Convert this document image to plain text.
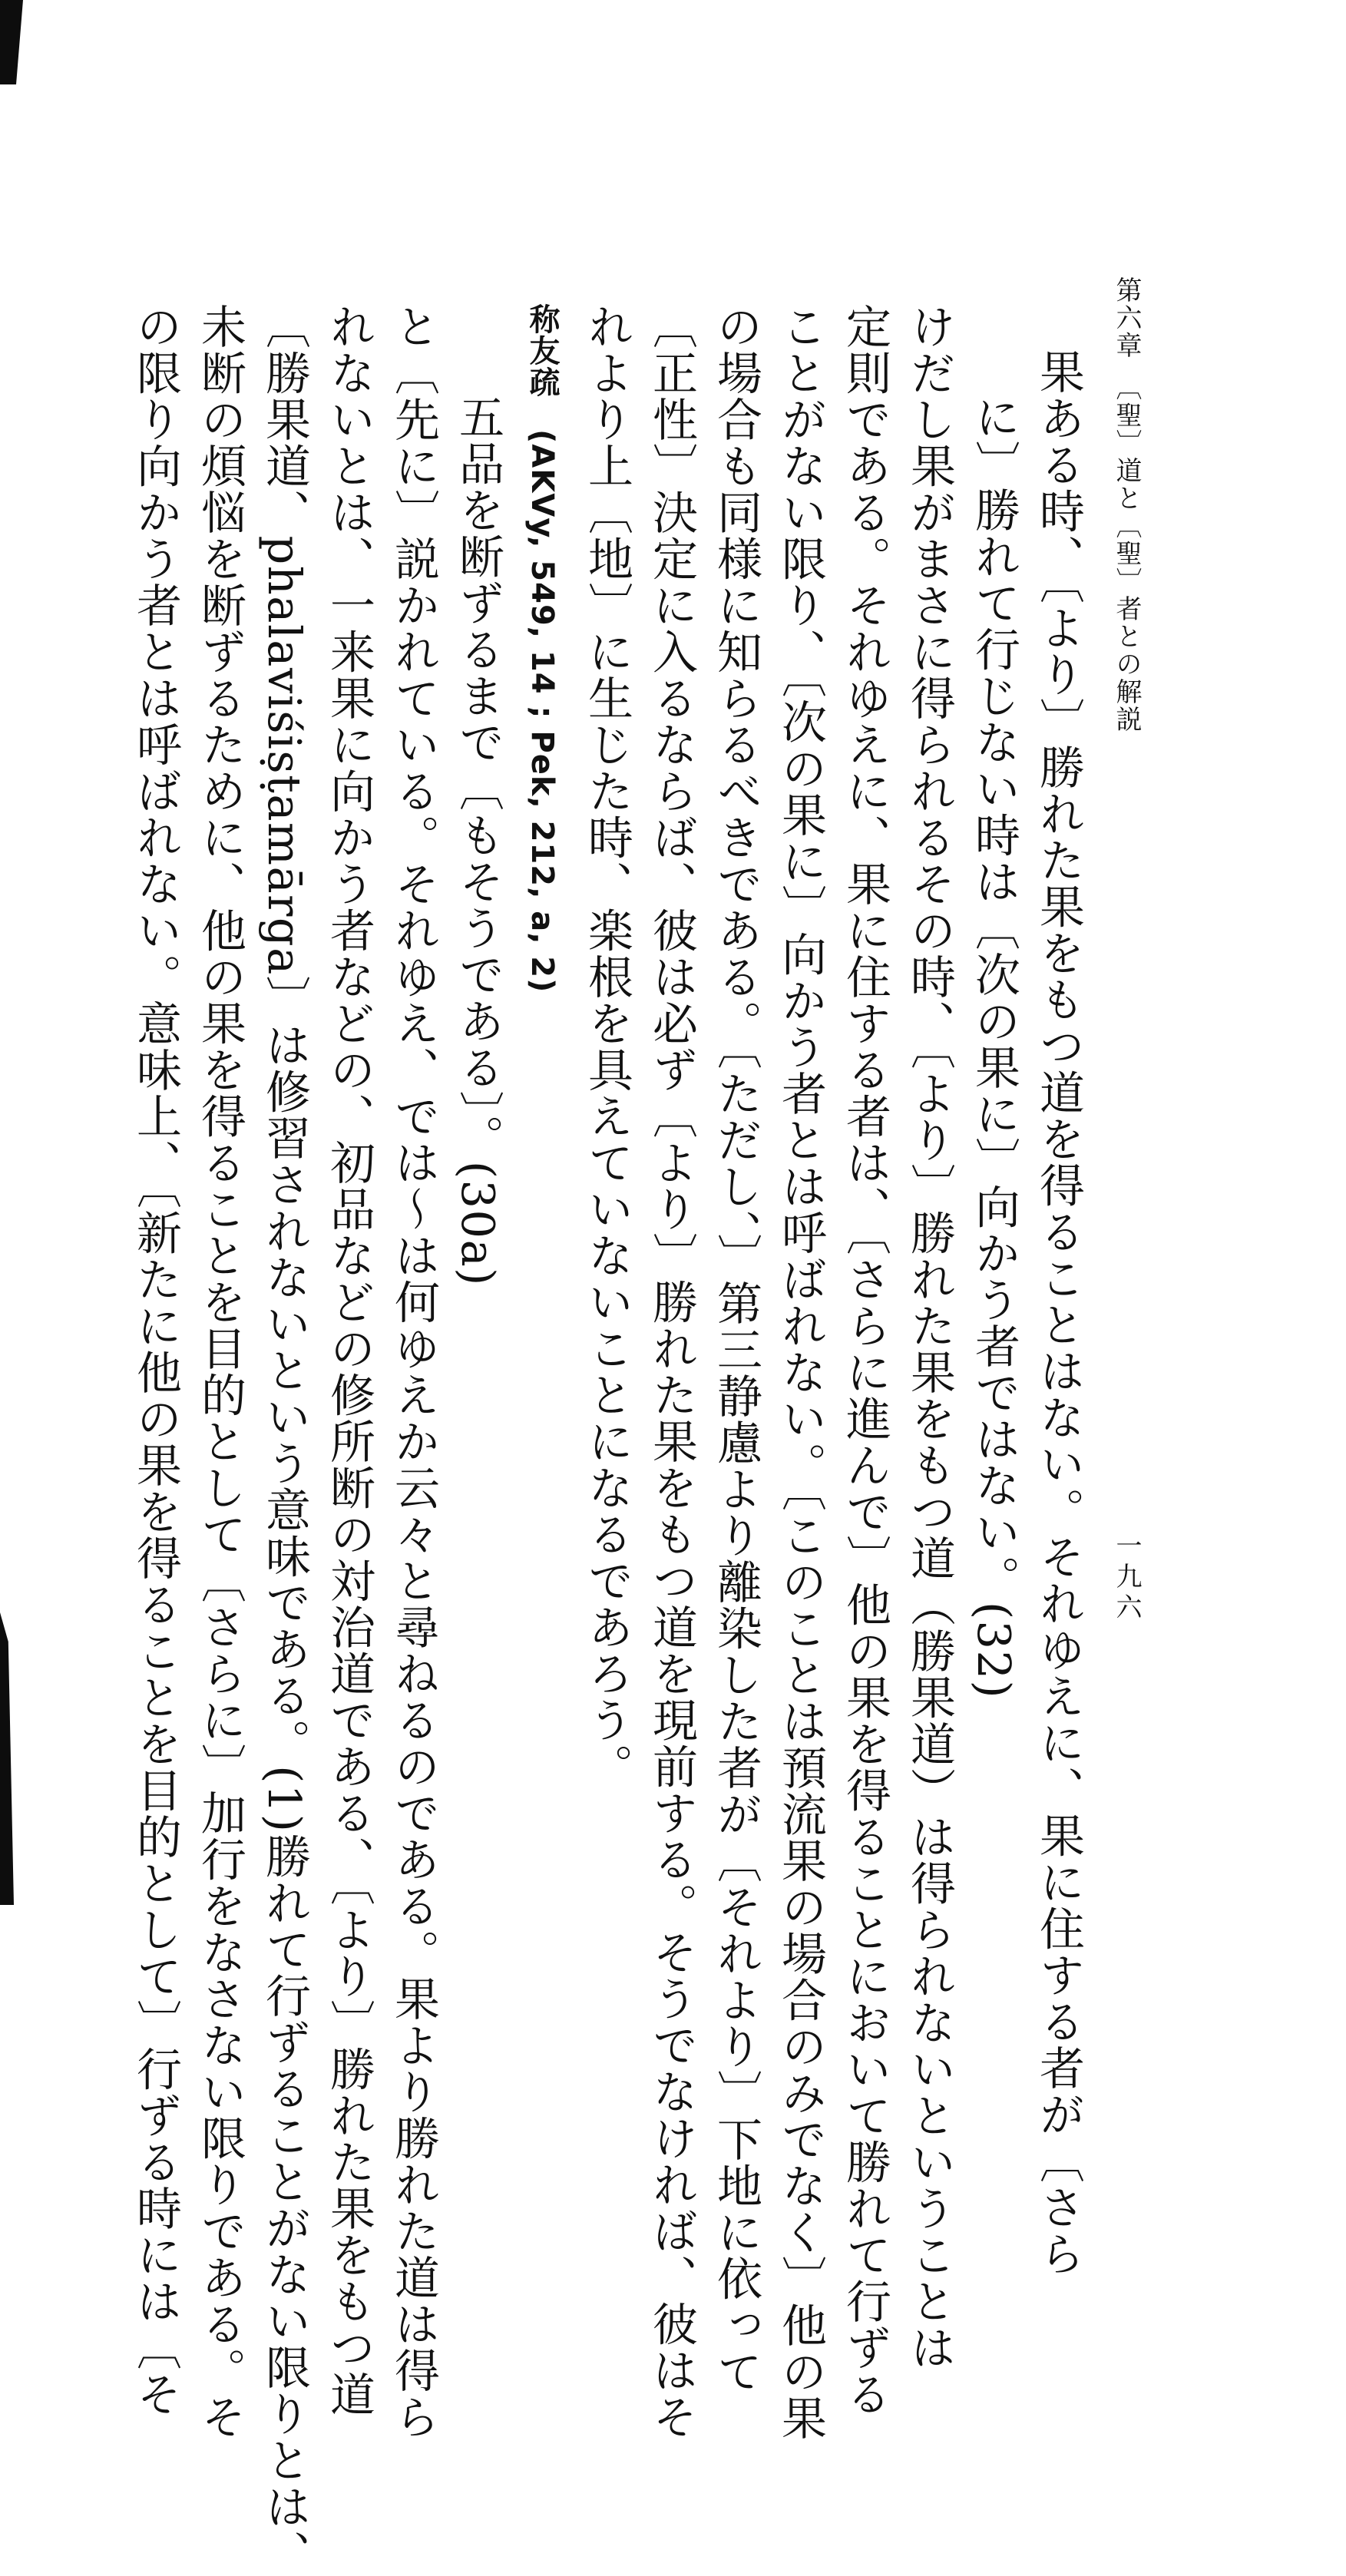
第六章　〔聖〕道と〔聖〕者との解説
一九六

果ある時、〔より〕勝れた果をもつ道を得ることはない。それゆえに、果に住する者が〔さら

に〕勝れて行じない時は〔次の果に〕向かう者ではない。(32)

けだし果がまさに得られるその時、〔より〕勝れた果をもつ道（勝果道）は得られないということは

定則である。それゆえに、果に住する者は、〔さらに進んで〕他の果を得ることにおいて勝れて行ずる

ことがない限り、〔次の果に〕向かう者とは呼ばれない。〔このことは預流果の場合のみでなく〕他の果

の場合も同様に知らるべきである。〔ただし、〕第三静慮より離染した者が〔それより〕下地に依って

〔正性〕決定に入るならば、彼は必ず〔より〕勝れた果をもつ道を現前する。そうでなければ、彼はそ

れより上〔地〕に生じた時、楽根を具えていないことになるであろう。

称友疏　(AKVy, 549, 14 ; Pek, 212, a, 2)

五品を断ずるまで〔もそうである〕。(30a)

と〔先に〕説かれている。それゆえ、では～は何ゆえか云々と尋ねるのである。果より勝れた道は得ら

れないとは、一来果に向かう者などの、初品などの修所断の対治道である、〔より〕勝れた果をもつ道

〔勝果道、phalaviśiṣṭamārga〕は修習されないという意味である。(1)勝れて行ずることがない限りとは、

未断の煩悩を断ずるために、他の果を得ることを目的として〔さらに〕加行をなさない限りである。そ

の限り向かう者とは呼ばれない。意味上、〔新たに他の果を得ることを目的として〕行ずる時には〔そ
